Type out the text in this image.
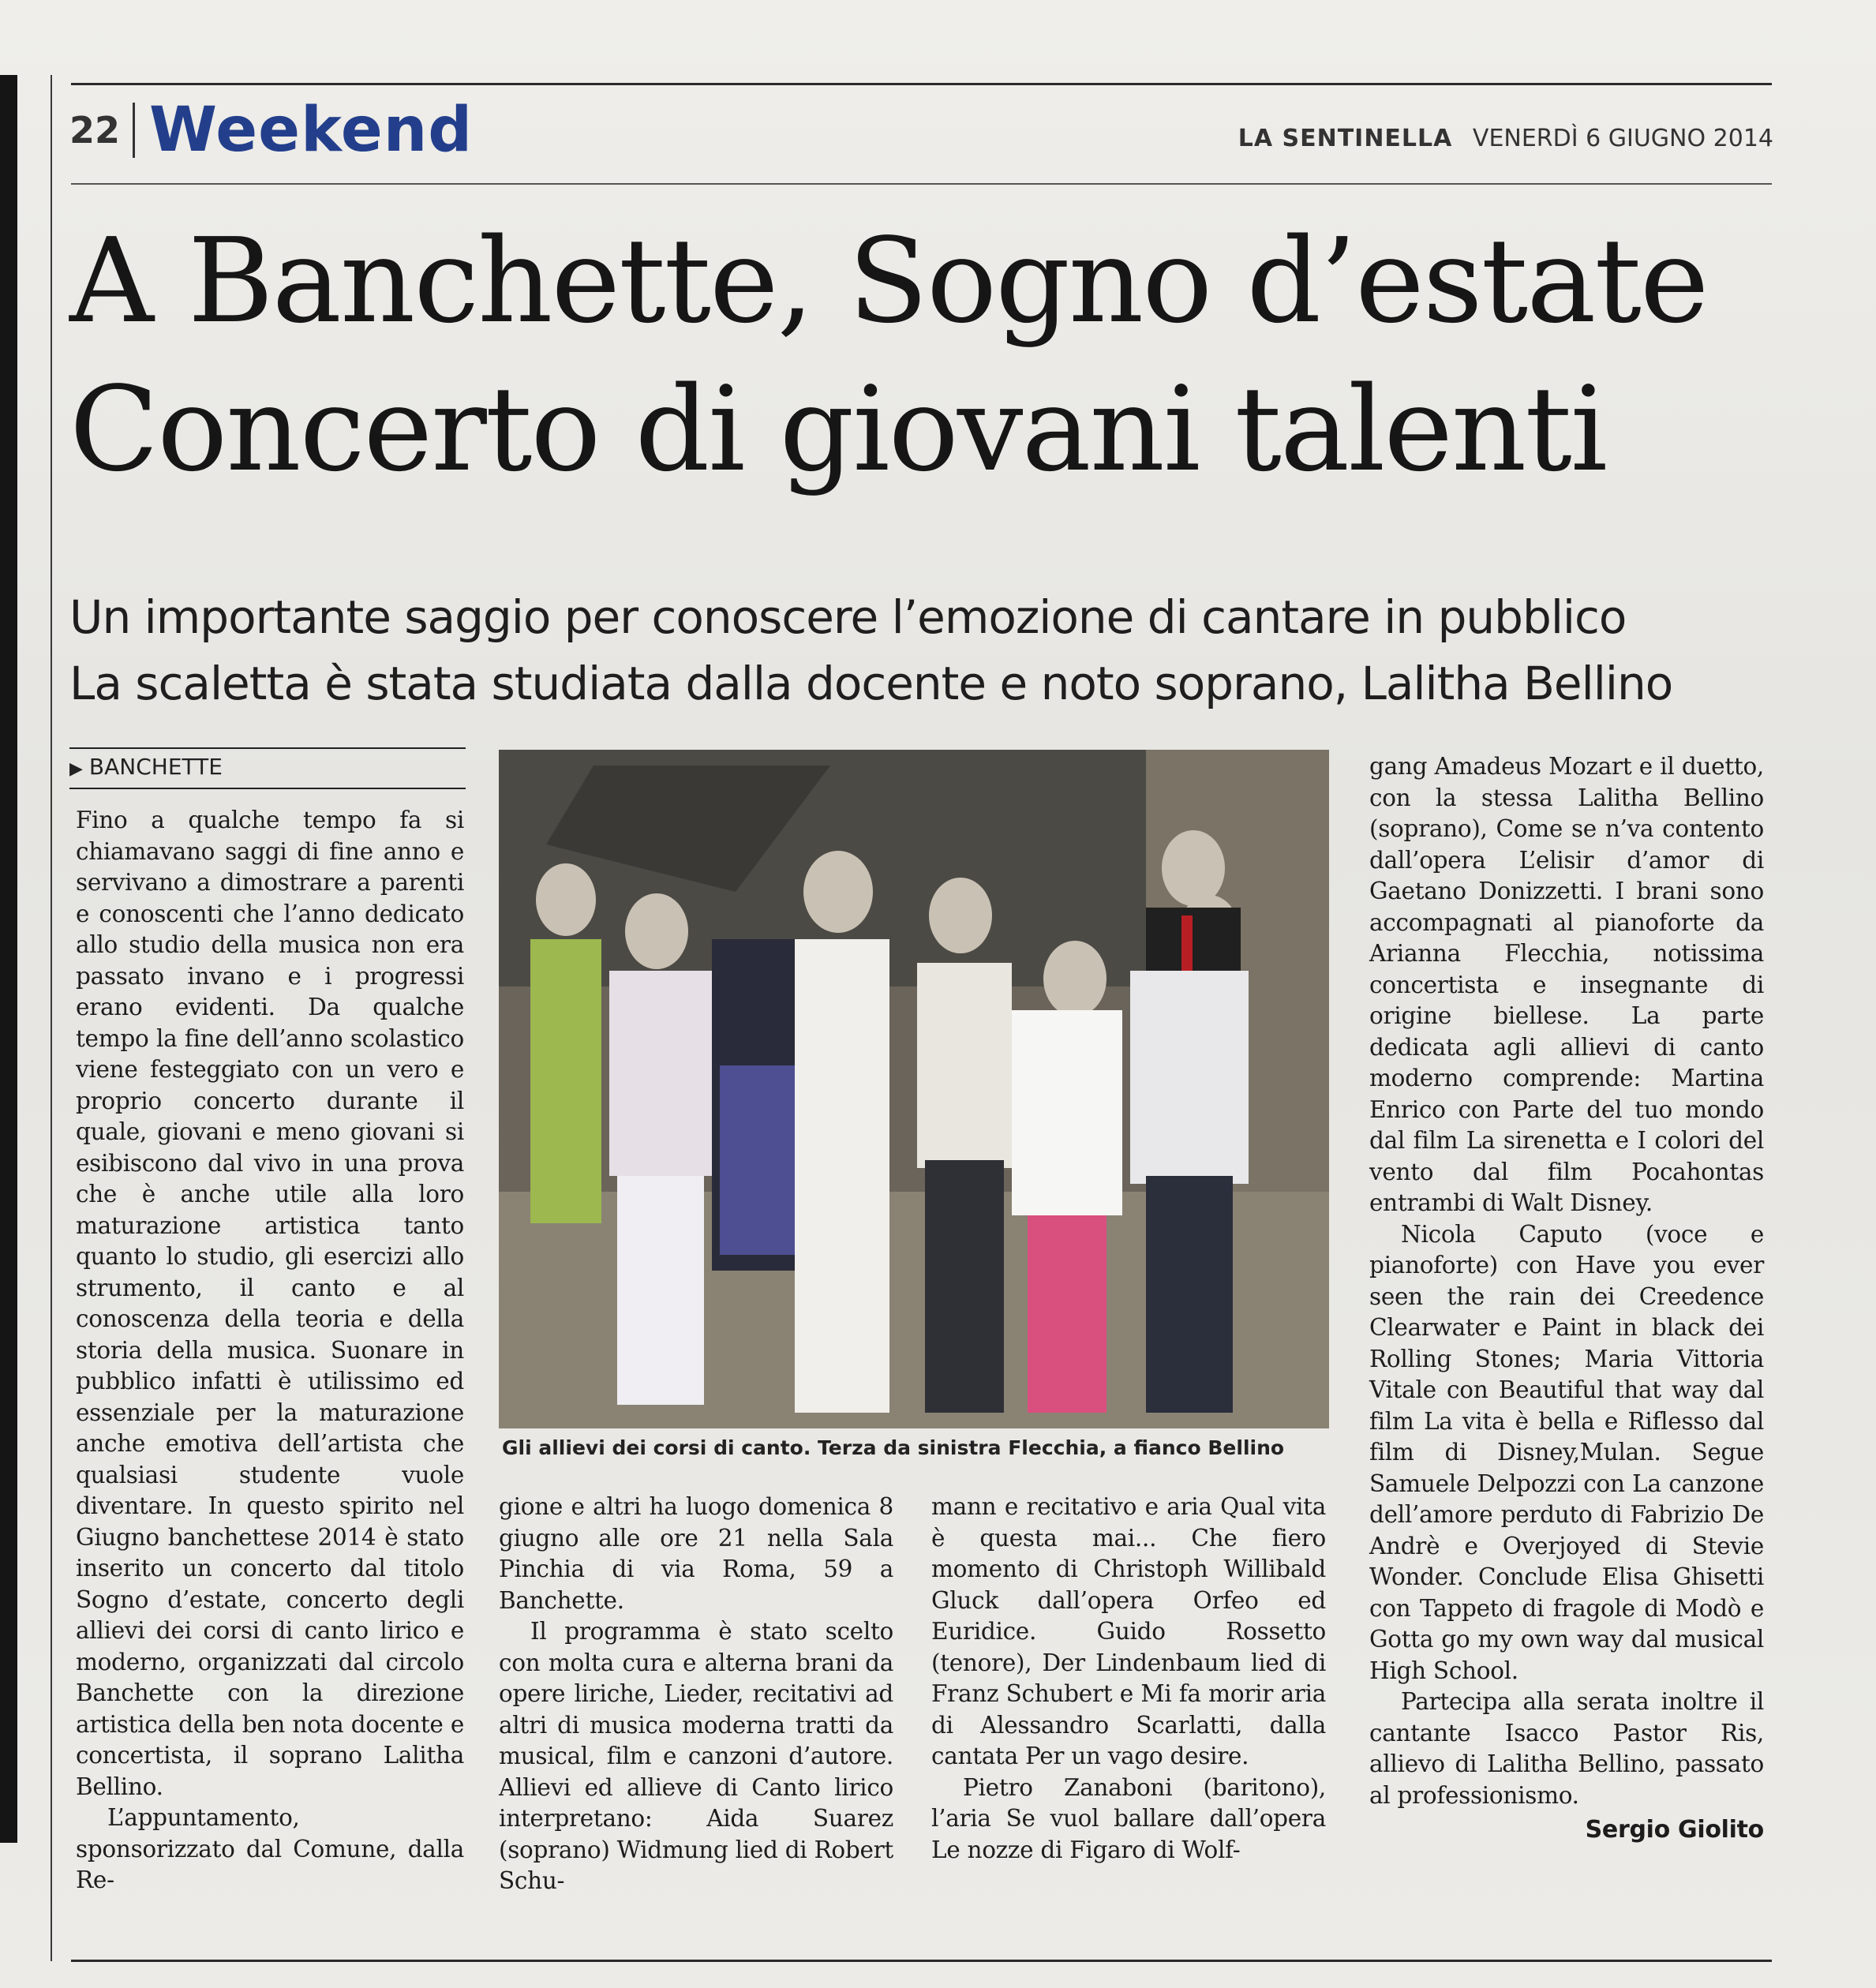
22 Weekend	LA SENTINELLA VENERDÌ 6 GIUGNO 2014
A Banchette, Sogno d’estate
Concerto di giovani talenti
Un importante saggio per conoscere l’emozione di cantare in pubblico
La scaletta è stata studiata dalla docente e noto soprano, Lalitha Bellino
▶ BANCHETTE

Fino a qualche tempo fa si chiamavano saggi di fine anno e servivano a dimostrare a parenti e conoscenti che l’anno dedicato allo studio della musica non era passato invano e i progressi erano evidenti. Da qualche tempo la fine dell’anno scolastico viene festeggiato con un vero e proprio concerto durante il quale, giovani e meno giovani si esibiscono dal vivo in una prova che è anche utile alla loro maturazione artistica tanto quanto lo studio, gli esercizi allo strumento, il canto e al conoscenza della teoria e della storia della musica. Suonare in pubblico infatti è utilissimo ed essenziale per la maturazione anche emotiva dell’artista che qualsiasi studente vuole diventare. In questo spirito nel Giugno banchettese 2014 è stato inserito un concerto dal titolo Sogno d’estate, concerto degli allievi dei corsi di canto lirico e moderno, organizzati dal circolo Banchette con la direzione artistica della ben nota docente e concertista, il soprano Lalitha Bellino.

L’appuntamento, sponsorizzato dal Comune, dalla Re-

Gli allievi dei corsi di canto. Terza da sinistra Flecchia, a fianco Bellino

gione e altri ha luogo domenica 8 giugno alle ore 21 nella Sala Pinchia di via Roma, 59 a Banchette.

Il programma è stato scelto con molta cura e alterna brani da opere liriche, Lieder, recitativi ad altri di musica moderna tratti da musical, film e canzoni d’autore. Allievi ed allieve di Canto lirico interpretano: Aida Suarez (soprano) Widmung lied di Robert Schu-

mann e recitativo e aria Qual vita è questa mai... Che fiero momento di Christoph Willibald Gluck dall’opera Orfeo ed Euridice. Guido Rossetto (tenore), Der Lindenbaum lied di Franz Schubert e Mi fa morir aria di Alessandro Scarlatti, dalla cantata Per un vago desire.

Pietro Zanaboni (baritono), l’aria Se vuol ballare dall’opera Le nozze di Figaro di Wolf-

gang Amadeus Mozart e il duetto, con la stessa Lalitha Bellino (soprano), Come se n’va contento dall’opera L’elisir d’amor di Gaetano Donizzetti. I brani sono accompagnati al pianoforte da Arianna Flecchia, notissima concertista e insegnante di origine biellese. La parte dedicata agli allievi di canto moderno comprende: Martina Enrico con Parte del tuo mondo dal film La sirenetta e I colori del vento dal film Pocahontas entrambi di Walt Disney.

Nicola Caputo (voce e pianoforte) con Have you ever seen the rain dei Creedence Clearwater e Paint in black dei Rolling Stones; Maria Vittoria Vitale con Beautiful that way dal film La vita è bella e Riflesso dal film di Disney,Mulan. Segue Samuele Delpozzi con La canzone dell’amore perduto di Fabrizio De Andrè e Overjoyed di Stevie Wonder. Conclude Elisa Ghisetti con Tappeto di fragole di Modò e Gotta go my own way dal musical High School.

Partecipa alla serata inoltre il cantante Isacco Pastor Ris, allievo di Lalitha Bellino, passato al professionismo.

Sergio Giolito
